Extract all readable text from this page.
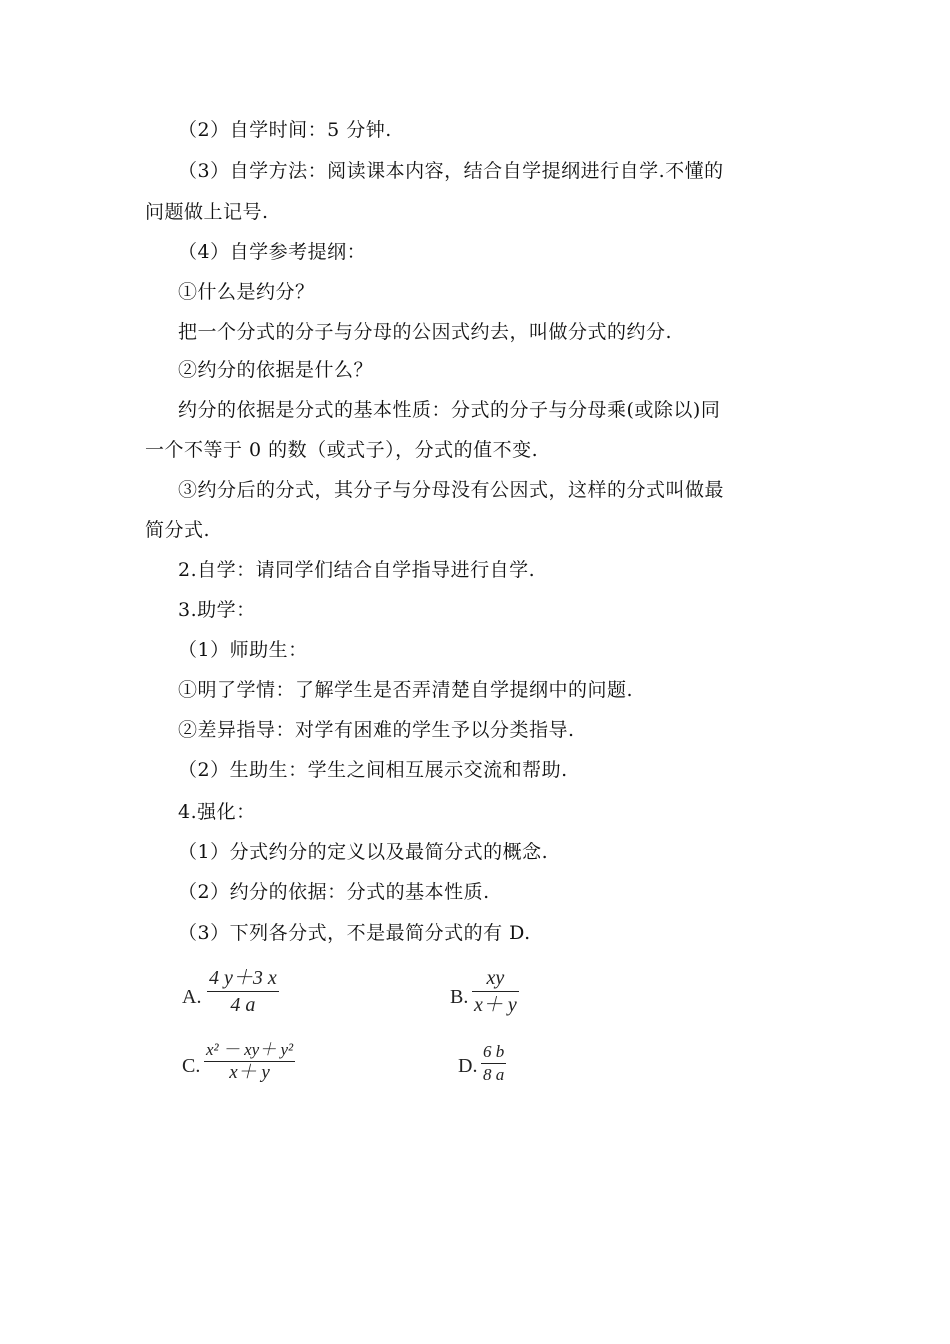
（2）自学时间：5 分钟.
（3）自学方法：阅读课本内容，结合自学提纲进行自学.不懂的
问题做上记号.
（4）自学参考提纲：
①什么是约分？
把一个分式的分子与分母的公因式约去，叫做分式的约分.
②约分的依据是什么？
约分的依据是分式的基本性质：分式的分子与分母乘(或除以)同
一个不等于 0 的数（或式子），分式的值不变.
③约分后的分式，其分子与分母没有公因式，这样的分式叫做最
简分式.
2.自学：请同学们结合自学指导进行自学.
3.助学：
（1）师助生：
①明了学情：了解学生是否弄清楚自学提纲中的问题.
②差异指导：对学有困难的学生予以分类指导.
（2）生助生：学生之间相互展示交流和帮助.
4.强化：
（1）分式约分的定义以及最简分式的概念.
（2）约分的依据：分式的基本性质.
（3）下列各分式，不是最简分式的有 D.
A.
4 y＋3 x
4 a	B.
xy
x＋ y
C.
x² － xy＋ y²
x＋ y	D.
6 b
8 a
